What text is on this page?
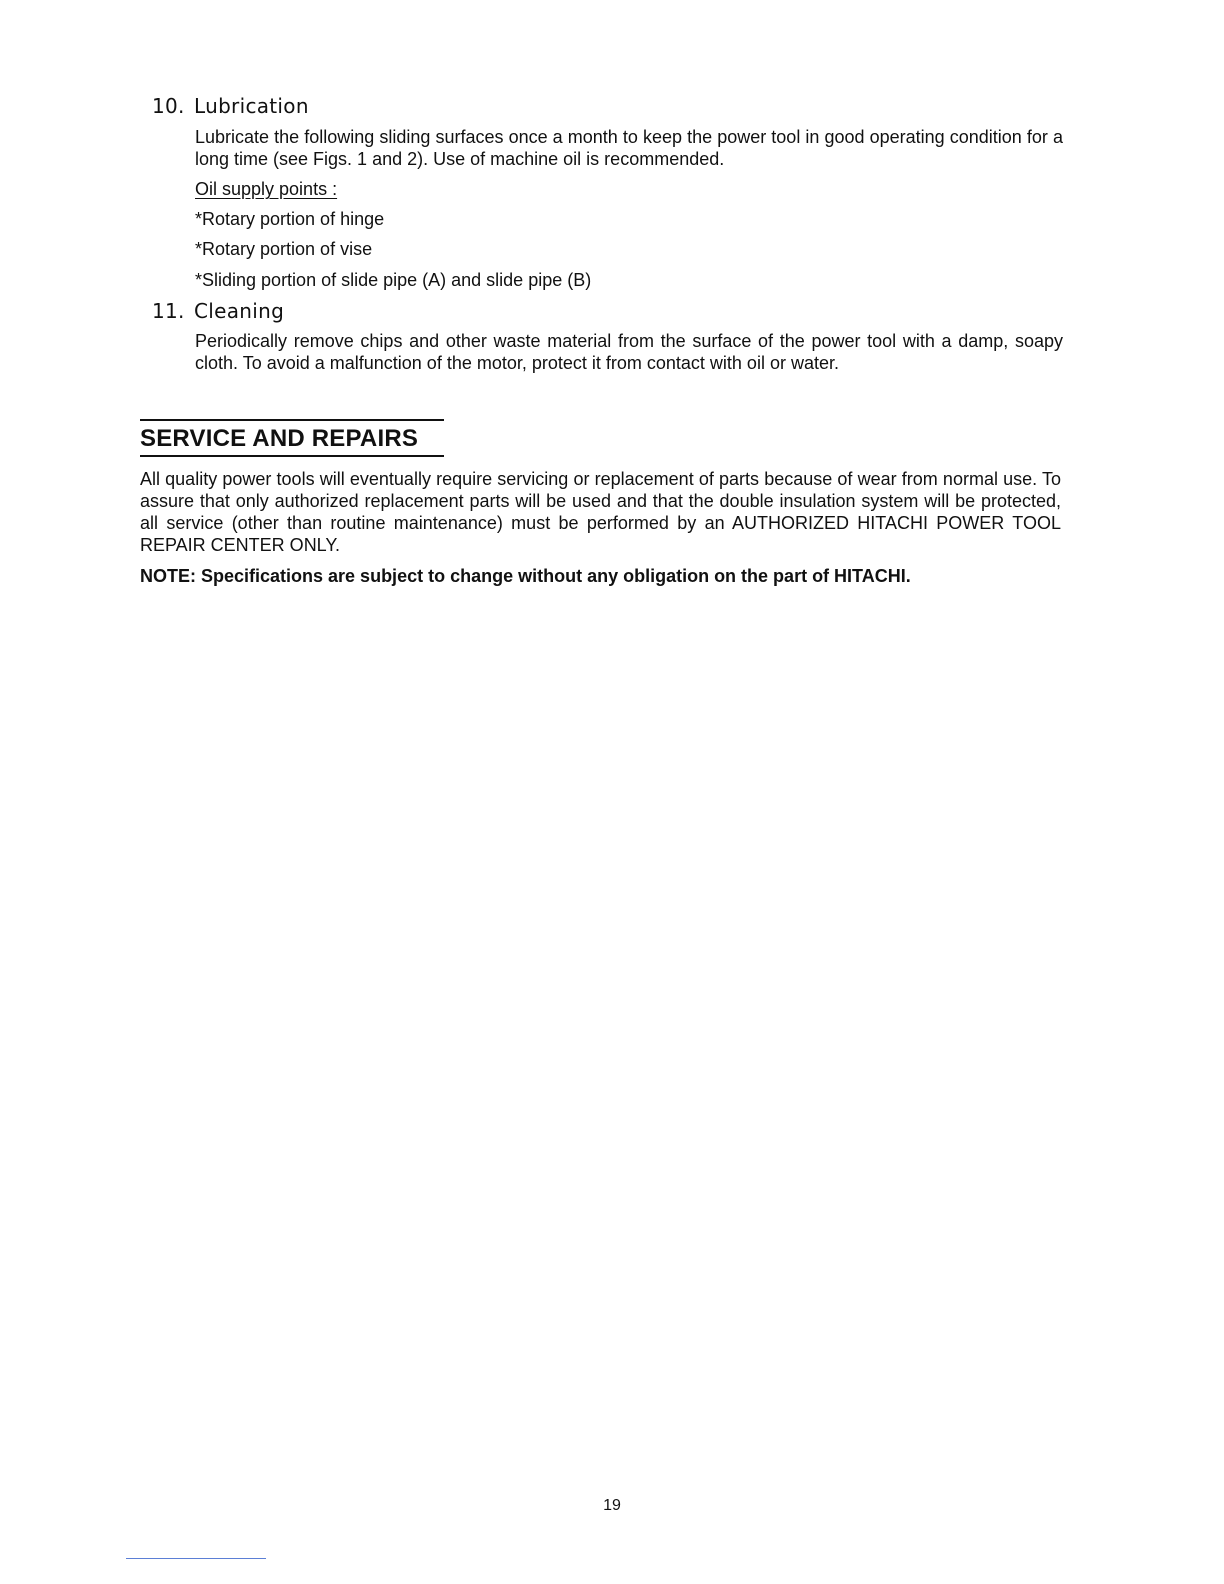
10. Lubrication
Lubricate the following sliding surfaces once a month to keep the power tool in good operating condition for a long time (see Figs. 1 and 2). Use of machine oil is recommended.
Oil supply points :
*Rotary portion of hinge
*Rotary portion of vise
*Sliding portion of slide pipe (A) and slide pipe (B)
11. Cleaning
Periodically remove chips and other waste material from the surface of the power tool with a damp, soapy cloth. To avoid a malfunction of the motor, protect it from contact with oil or water.
SERVICE AND REPAIRS
All quality power tools will eventually require servicing or replacement of parts because of wear from normal use. To assure that only authorized replacement parts will be used and that the double insulation system will be protected, all service (other than routine maintenance) must be performed by an AUTHORIZED HITACHI POWER TOOL REPAIR CENTER ONLY.
NOTE: Specifications are subject to change without any obligation on the part of HITACHI.
19
